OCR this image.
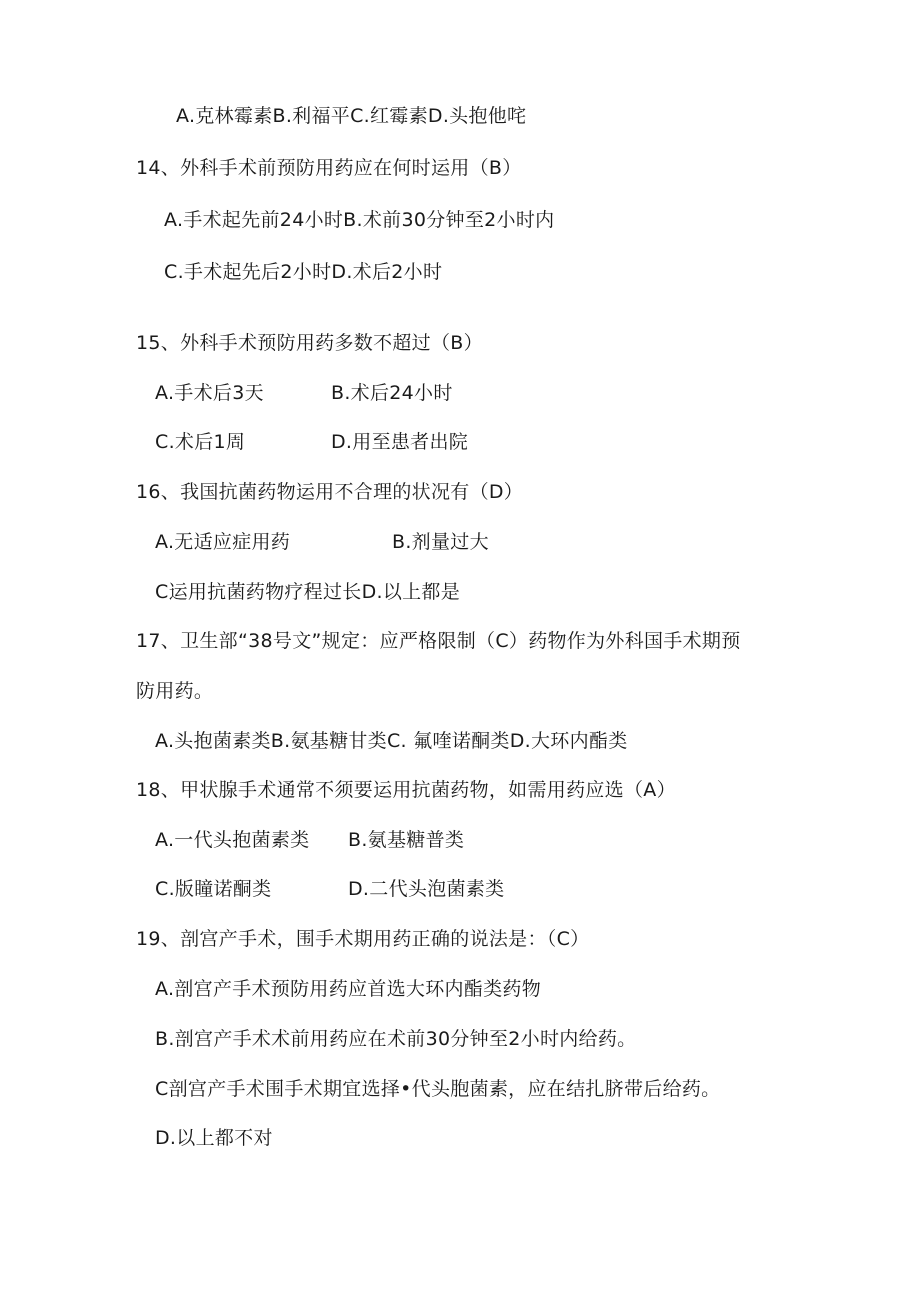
A.克林霉素B.利福平C.红霉素D.头抱他咤
14、外科手术前预防用药应在何时运用（B）
A.手术起先前24小时B.术前30分钟至2小时内
C.手术起先后2小时D.术后2小时
15、外科手术预防用药多数不超过（B）
A.手术后3天	B.术后24小时
C.术后1周	D.用至患者出院
16、我国抗菌药物运用不合理的状况有（D）
A.无适应症用药	B.剂量过大
C运用抗菌药物疗程过长D.以上都是
17、卫生部“38号文”规定：应严格限制（C）药物作为外科国手术期预
防用药。
A.头抱菌素类B.氨基糖甘类C. 氟喹诺酮类D.大环内酯类
18、甲状腺手术通常不须要运用抗菌药物，如需用药应选（A）
A.一代头抱菌素类	B.氨基糖普类
C.版瞳诺酮类	D.二代头泡菌素类
19、剖宫产手术，围手术期用药正确的说法是：（C）
A.剖宫产手术预防用药应首选大环内酯类药物
B.剖宫产手术术前用药应在术前30分钟至2小时内给药。
C剖宫产手术围手术期宜选择•代头胞菌素，应在结扎脐带后给药。
D.以上都不对
